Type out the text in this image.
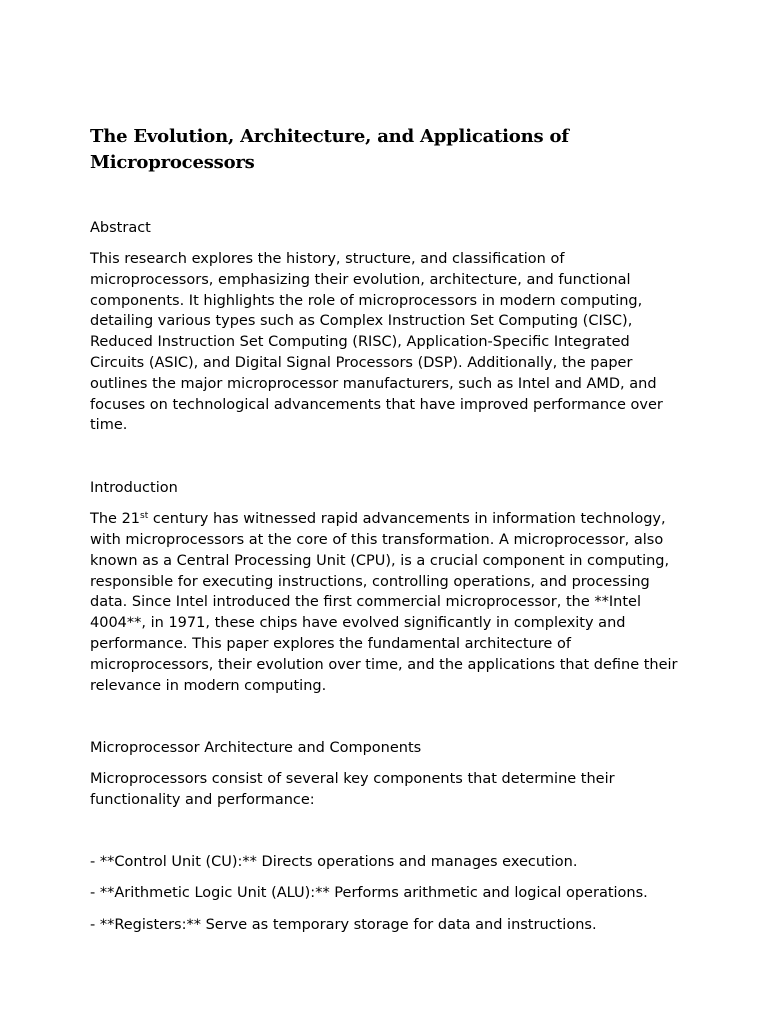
The Evolution, Architecture, and Applications of Microprocessors

Abstract

This research explores the history, structure, and classification of microprocessors, emphasizing their evolution, architecture, and functional components. It highlights the role of microprocessors in modern computing, detailing various types such as Complex Instruction Set Computing (CISC), Reduced Instruction Set Computing (RISC), Application-Specific Integrated Circuits (ASIC), and Digital Signal Processors (DSP). Additionally, the paper outlines the major microprocessor manufacturers, such as Intel and AMD, and focuses on technological advancements that have improved performance over time.

Introduction

The 21st century has witnessed rapid advancements in information technology, with microprocessors at the core of this transformation. A microprocessor, also known as a Central Processing Unit (CPU), is a crucial component in computing, responsible for executing instructions, controlling operations, and processing data. Since Intel introduced the first commercial microprocessor, the **Intel 4004**, in 1971, these chips have evolved significantly in complexity and performance. This paper explores the fundamental architecture of microprocessors, their evolution over time, and the applications that define their relevance in modern computing.

Microprocessor Architecture and Components

Microprocessors consist of several key components that determine their functionality and performance:

- **Control Unit (CU):** Directs operations and manages execution.

- **Arithmetic Logic Unit (ALU):** Performs arithmetic and logical operations.

- **Registers:** Serve as temporary storage for data and instructions.
